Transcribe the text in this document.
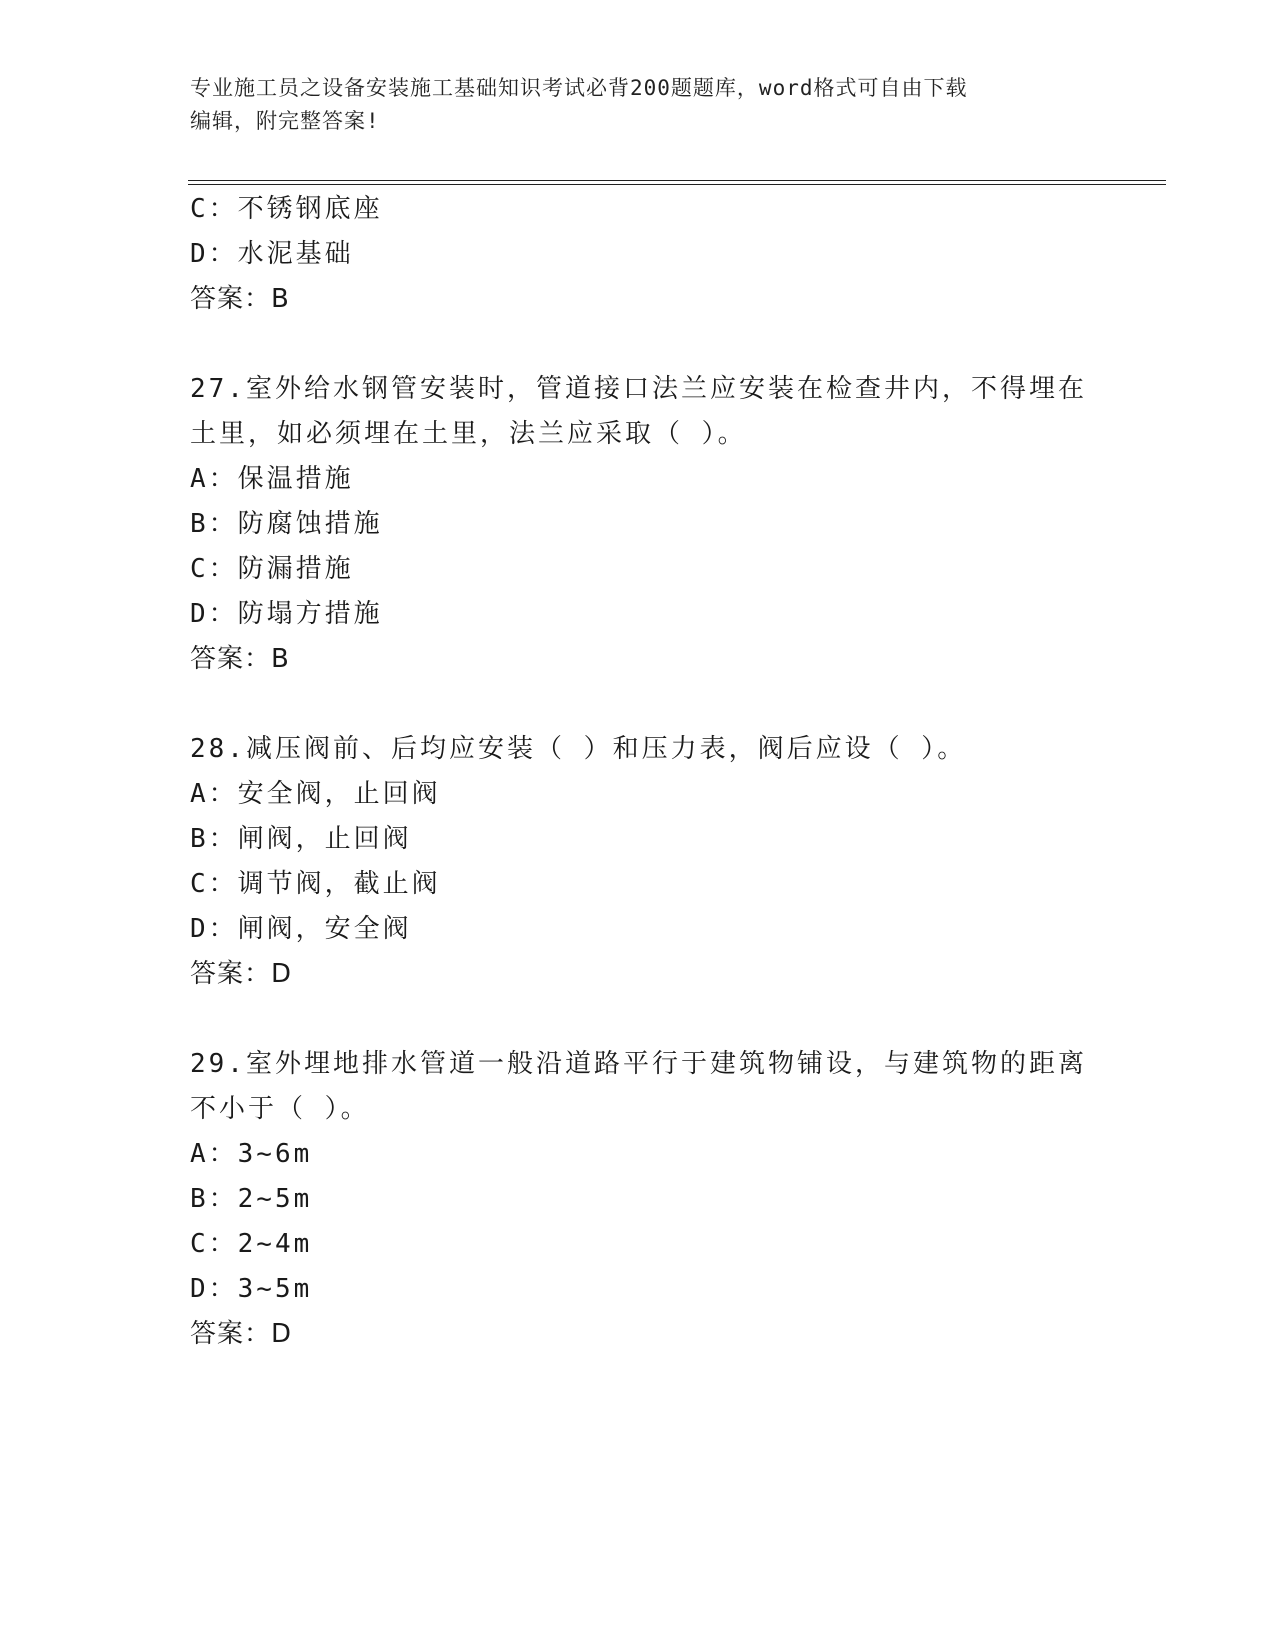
专业施工员之设备安装施工基础知识考试必背200题题库，word格式可自由下载
编辑，附完整答案!
C：不锈钢底座
D：水泥基础
答案：B
27.室外给水钢管安装时，管道接口法兰应安装在检查井内，不得埋在
土里，如必须埋在土里，法兰应采取（ ）。
A：保温措施
B：防腐蚀措施
C：防漏措施
D：防塌方措施
答案：B
28.减压阀前、后均应安装（ ）和压力表，阀后应设（ ）。
A：安全阀，止回阀
B：闸阀，止回阀
C：调节阀，截止阀
D：闸阀，安全阀
答案：D
29.室外埋地排水管道一般沿道路平行于建筑物铺设，与建筑物的距离
不小于（ ）。
A：3~6m
B：2~5m
C：2~4m
D：3~5m
答案：D
